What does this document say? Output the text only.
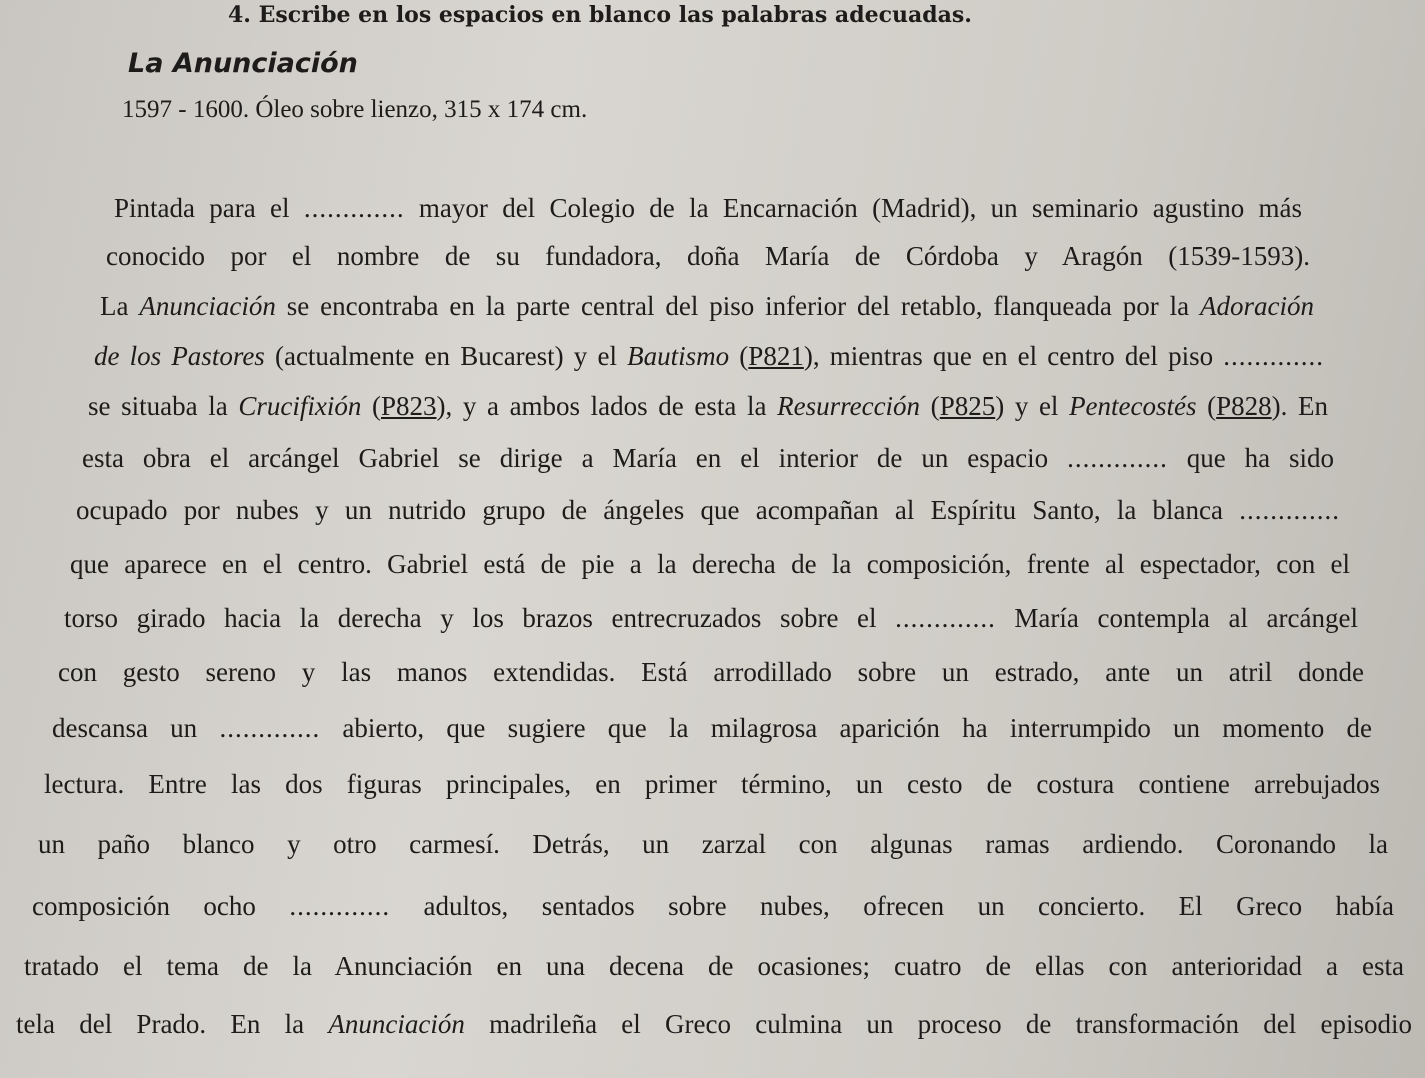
4. Escribe en los espacios en blanco las palabras adecuadas.
La Anunciación
1597 - 1600. Óleo sobre lienzo, 315 x 174 cm.
Pintada para el ............. mayor del Colegio de la Encarnación (Madrid), un seminario agustino más
conocido por el nombre de su fundadora, doña María de Córdoba y Aragón (1539-1593).
La Anunciación se encontraba en la parte central del piso inferior del retablo, flanqueada por la Adoración
de los Pastores (actualmente en Bucarest) y el Bautismo (P821), mientras que en el centro del piso .............
se situaba la Crucifixión (P823), y a ambos lados de esta la Resurrección (P825) y el Pentecostés (P828). En
esta obra el arcángel Gabriel se dirige a María en el interior de un espacio ............. que ha sido
ocupado por nubes y un nutrido grupo de ángeles que acompañan al Espíritu Santo, la blanca .............
que aparece en el centro. Gabriel está de pie a la derecha de la composición, frente al espectador, con el
torso girado hacia la derecha y los brazos entrecruzados sobre el ............. María contempla al arcángel
con gesto sereno y las manos extendidas. Está arrodillado sobre un estrado, ante un atril donde
descansa un ............. abierto, que sugiere que la milagrosa aparición ha interrumpido un momento de
lectura. Entre las dos figuras principales, en primer término, un cesto de costura contiene arrebujados
un paño blanco y otro carmesí. Detrás, un zarzal con algunas ramas ardiendo. Coronando la
composición ocho ............. adultos, sentados sobre nubes, ofrecen un concierto. El Greco había
tratado el tema de la Anunciación en una decena de ocasiones; cuatro de ellas con anterioridad a esta
tela del Prado. En la Anunciación madrileña el Greco culmina un proceso de transformación del episodio
